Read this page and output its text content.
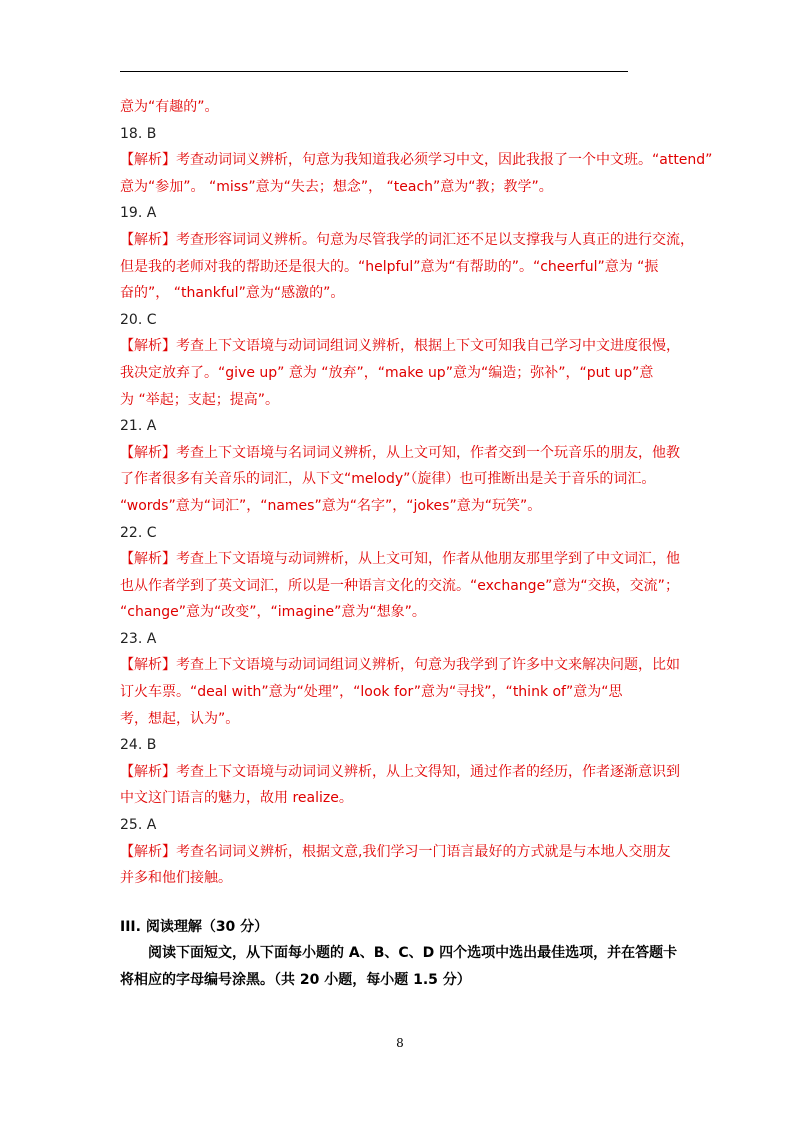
意为“有趣的”。
18. B
【解析】考查动词词义辨析，句意为我知道我必须学习中文，因此我报了一个中文班。“attend”
意为“参加”。 “miss”意为“失去；想念”， “teach”意为“教；教学”。
19. A
【解析】考查形容词词义辨析。句意为尽管我学的词汇还不足以支撑我与人真正的进行交流，
但是我的老师对我的帮助还是很大的。“helpful”意为“有帮助的”。“cheerful”意为 “振
奋的”， “thankful”意为“感激的”。
20. C
【解析】考查上下文语境与动词词组词义辨析，根据上下文可知我自己学习中文进度很慢，
我决定放弃了。“give up” 意为 “放弃”，“make up”意为“编造；弥补”，“put up”意
为 “举起；支起；提高”。
21. A
【解析】考查上下文语境与名词词义辨析，从上文可知，作者交到一个玩音乐的朋友，他教
了作者很多有关音乐的词汇，从下文“melody”（旋律）也可推断出是关于音乐的词汇。
“words”意为“词汇”，“names”意为“名字”，“jokes”意为“玩笑”。
22. C
【解析】考查上下文语境与动词辨析，从上文可知，作者从他朋友那里学到了中文词汇，他
也从作者学到了英文词汇，所以是一种语言文化的交流。“exchange”意为“交换，交流”；
“change”意为“改变”，“imagine”意为“想象”。
23. A
【解析】考查上下文语境与动词词组词义辨析，句意为我学到了许多中文来解决问题，比如
订火车票。“deal with”意为“处理”，“look for”意为“寻找”，“think of”意为“思
考，想起，认为”。
24. B
【解析】考查上下文语境与动词词义辨析，从上文得知，通过作者的经历，作者逐渐意识到
中文这门语言的魅力，故用 realize。
25. A
【解析】考查名词词义辨析，根据文意,我们学习一门语言最好的方式就是与本地人交朋友
并多和他们接触。
III. 阅读理解（30 分）
　　阅读下面短文，从下面每小题的 A、B、C、D 四个选项中选出最佳选项，并在答题卡
将相应的字母编号涂黑。（共 20 小题，每小题 1.5 分）
8
